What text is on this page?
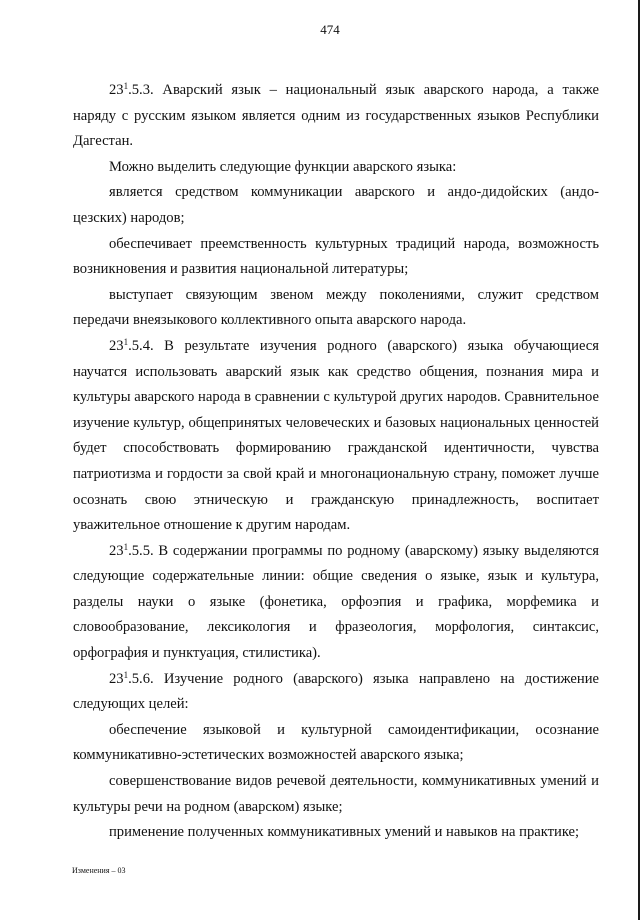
474

$23^1.5.3$. Аварский язык – национальный язык аварского народа, а также наряду с русским языком является одним из государственных языков Республики Дагестан.

Можно выделить следующие функции аварского языка:

является средством коммуникации аварского и андо-дидойских (андо-цезских) народов;

обеспечивает преемственность культурных традиций народа, возможность возникновения и развития национальной литературы;

выступает связующим звеном между поколениями, служит средством передачи внеязыкового коллективного опыта аварского народа.

$23^1.5.4$. В результате изучения родного (аварского) языка обучающиеся научатся использовать аварский язык как средство общения, познания мира и культуры аварского народа в сравнении с культурой других народов. Сравнительное изучение культур, общепринятых человеческих и базовых национальных ценностей будет способствовать формированию гражданской идентичности, чувства патриотизма и гордости за свой край и многонациональную страну, поможет лучше осознать свою этническую и гражданскую принадлежность, воспитает уважительное отношение к другим народам.

$23^1.5.5$. В содержании программы по родному (аварскому) языку выделяются следующие содержательные линии: общие сведения о языке, язык и культура, разделы науки о языке (фонетика, орфоэпия и графика, морфемика и словообразование, лексикология и фразеология, морфология, синтаксис, орфография и пунктуация, стилистика).

$23^1.5.6$. Изучение родного (аварского) языка направлено на достижение следующих целей:

обеспечение языковой и культурной самоидентификации, осознание коммуникативно-эстетических возможностей аварского языка;

совершенствование видов речевой деятельности, коммуникативных умений и культуры речи на родном (аварском) языке;

применение полученных коммуникативных умений и навыков на практике;

Изменения – 03
